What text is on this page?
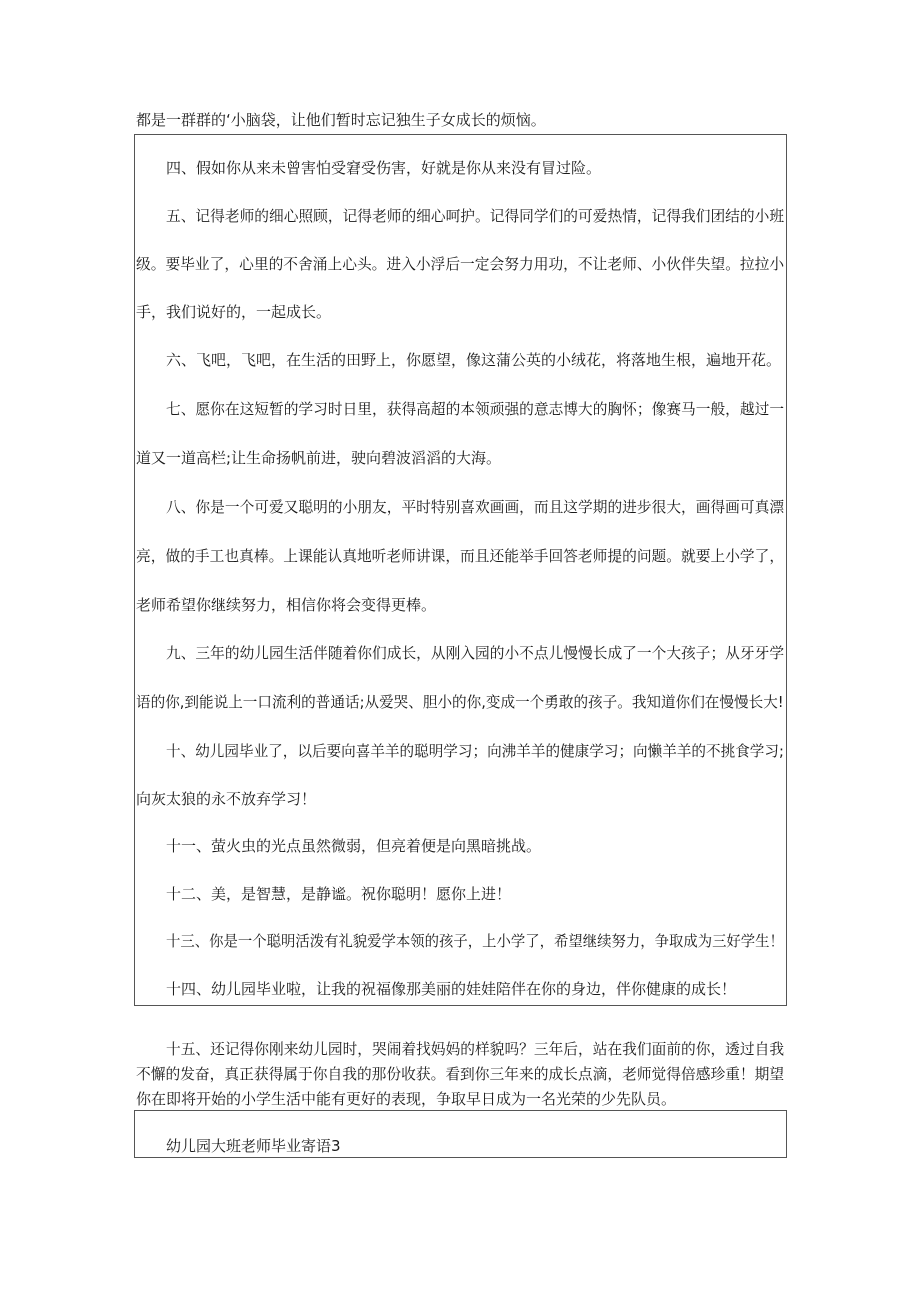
都是一群群的‘小脑袋，让他们暂时忘记独生子女成长的烦恼。
四、假如你从来未曾害怕受窘受伤害，好就是你从来没有冒过险。
五、记得老师的细心照顾，记得老师的细心呵护。记得同学们的可爱热情，记得我们团结的小班
级。要毕业了，心里的不舍涌上心头。进入小浮后一定会努力用功，不让老师、小伙伴失望。拉拉小
手，我们说好的，一起成长。
六、飞吧，飞吧，在生活的田野上，你愿望，像这蒲公英的小绒花，将落地生根，遍地开花。
七、愿你在这短暂的学习时日里，获得高超的本领顽强的意志博大的胸怀；像赛马一般，越过一
道又一道高栏;让生命扬帆前进，驶向碧波滔滔的大海。
八、你是一个可爱又聪明的小朋友，平时特别喜欢画画，而且这学期的进步很大，画得画可真漂
亮，做的手工也真棒。上课能认真地听老师讲课，而且还能举手回答老师提的问题。就要上小学了，
老师希望你继续努力，相信你将会变得更棒。
九、三年的幼儿园生活伴随着你们成长，从刚入园的小不点儿慢慢长成了一个大孩子；从牙牙学
语的你,到能说上一口流利的普通话;从爱哭、胆小的你,变成一个勇敢的孩子。我知道你们在慢慢长大!
十、幼儿园毕业了，以后要向喜羊羊的聪明学习；向沸羊羊的健康学习；向懒羊羊的不挑食学习;
向灰太狼的永不放弃学习！
十一、萤火虫的光点虽然微弱，但亮着便是向黑暗挑战。
十二、美，是智慧，是静谧。祝你聪明！愿你上进！
十三、你是一个聪明活泼有礼貌爱学本领的孩子，上小学了，希望继续努力，争取成为三好学生！
十四、幼儿园毕业啦，让我的祝福像那美丽的娃娃陪伴在你的身边，伴你健康的成长！
十五、还记得你刚来幼儿园时，哭闹着找妈妈的样貌吗？三年后，站在我们面前的你，透过自我
不懈的发奋，真正获得属于你自我的那份收获。看到你三年来的成长点滴，老师觉得倍感珍重！期望
你在即将开始的小学生活中能有更好的表现，争取早日成为一名光荣的少先队员。
幼儿园大班老师毕业寄语3
